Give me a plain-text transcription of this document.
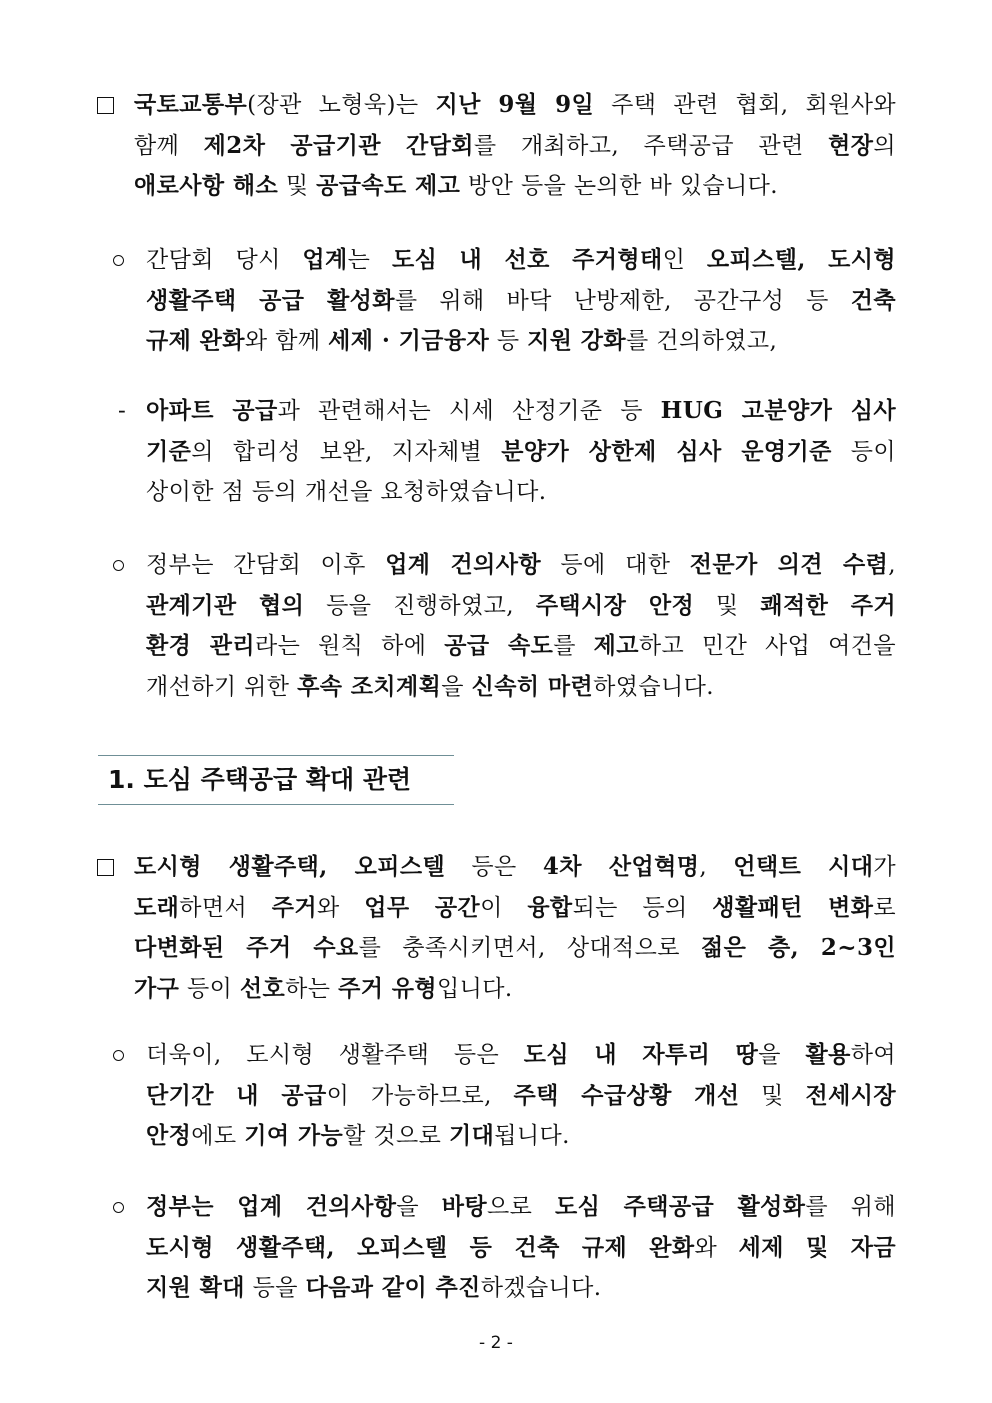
국토교통부(장관 노형욱)는 지난 9월 9일 주택 관련 협회, 회원사와
함께 제2차 공급기관 간담회를 개최하고, 주택공급 관련 현장의
애로사항 해소 및 공급속도 제고 방안 등을 논의한 바 있습니다.
간담회 당시 업계는 도심 내 선호 주거형태인 오피스텔, 도시형
생활주택 공급 활성화를 위해 바닥 난방제한, 공간구성 등 건축
규제 완화와 함께 세제 · 기금융자 등 지원 강화를 건의하였고,
- 아파트 공급과 관련해서는 시세 산정기준 등 HUG 고분양가 심사
기준의 합리성 보완, 지자체별 분양가 상한제 심사 운영기준 등이
상이한 점 등의 개선을 요청하였습니다.
정부는 간담회 이후 업계 건의사항 등에 대한 전문가 의견 수렴,
관계기관 협의 등을 진행하였고, 주택시장 안정 및 쾌적한 주거
환경 관리라는 원칙 하에 공급 속도를 제고하고 민간 사업 여건을
개선하기 위한 후속 조치계획을 신속히 마련하였습니다.
1. 도심 주택공급 확대 관련
도시형 생활주택, 오피스텔 등은 4차 산업혁명, 언택트 시대가
도래하면서 주거와 업무 공간이 융합되는 등의 생활패턴 변화로
다변화된 주거 수요를 충족시키면서, 상대적으로 젊은 층, 2~3인
가구 등이 선호하는 주거 유형입니다.
더욱이, 도시형 생활주택 등은 도심 내 자투리 땅을 활용하여
단기간 내 공급이 가능하므로, 주택 수급상황 개선 및 전세시장
안정에도 기여 가능할 것으로 기대됩니다.
정부는 업계 건의사항을 바탕으로 도심 주택공급 활성화를 위해
도시형 생활주택, 오피스텔 등 건축 규제 완화와 세제 및 자금
지원 확대 등을 다음과 같이 추진하겠습니다.
- 2 -
